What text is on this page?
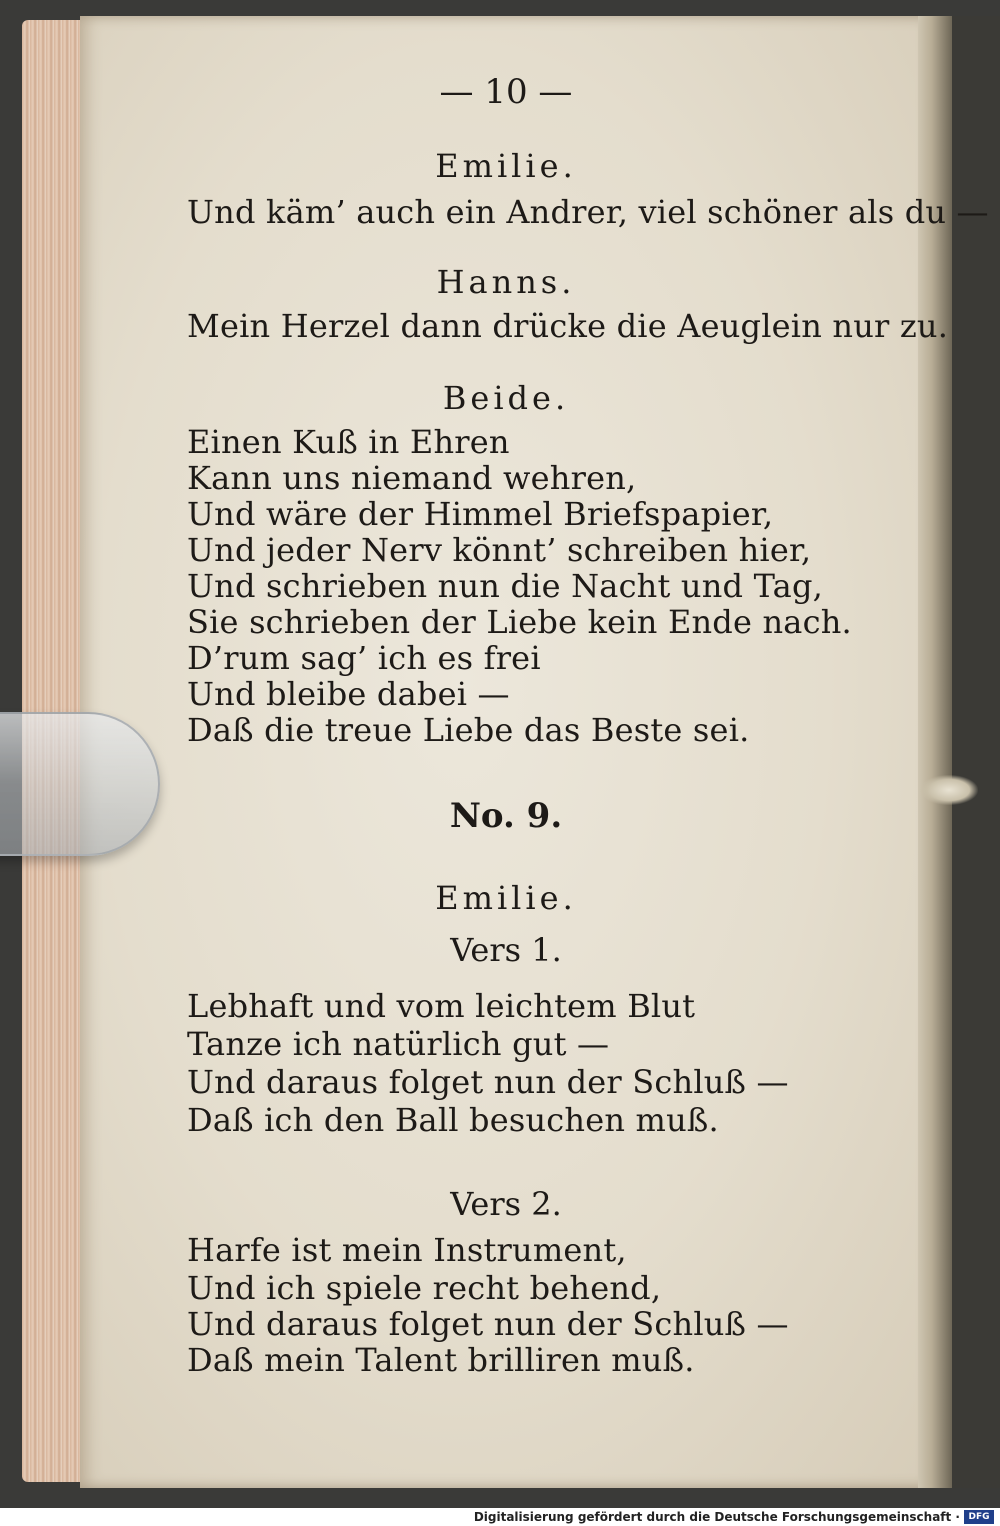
— 10 —

Emilie.

Und käm’ auch ein Andrer, viel schöner als du —

Hanns.

Mein Herzel dann drücke die Aeuglein nur zu.

Beide.

Einen Kuß in Ehren

Kann uns niemand wehren,

Und wäre der Himmel Briefspapier,

Und jeder Nerv könnt’ schreiben hier,

Und schrieben nun die Nacht und Tag,

Sie schrieben der Liebe kein Ende nach.

D’rum sag’ ich es frei

Und bleibe dabei —

Daß die treue Liebe das Beste sei.

No. 9.

Emilie.

Vers 1.

Lebhaft und vom leichtem Blut

Tanze ich natürlich gut —

Und daraus folget nun der Schluß —

Daß ich den Ball besuchen muß.

Vers 2.

Harfe ist mein Instrument,

Und ich spiele recht behend,

Und daraus folget nun der Schluß —

Daß mein Talent brilliren muß.

Digitalisierung gefördert durch die Deutsche Forschungsgemeinschaft · DFG
